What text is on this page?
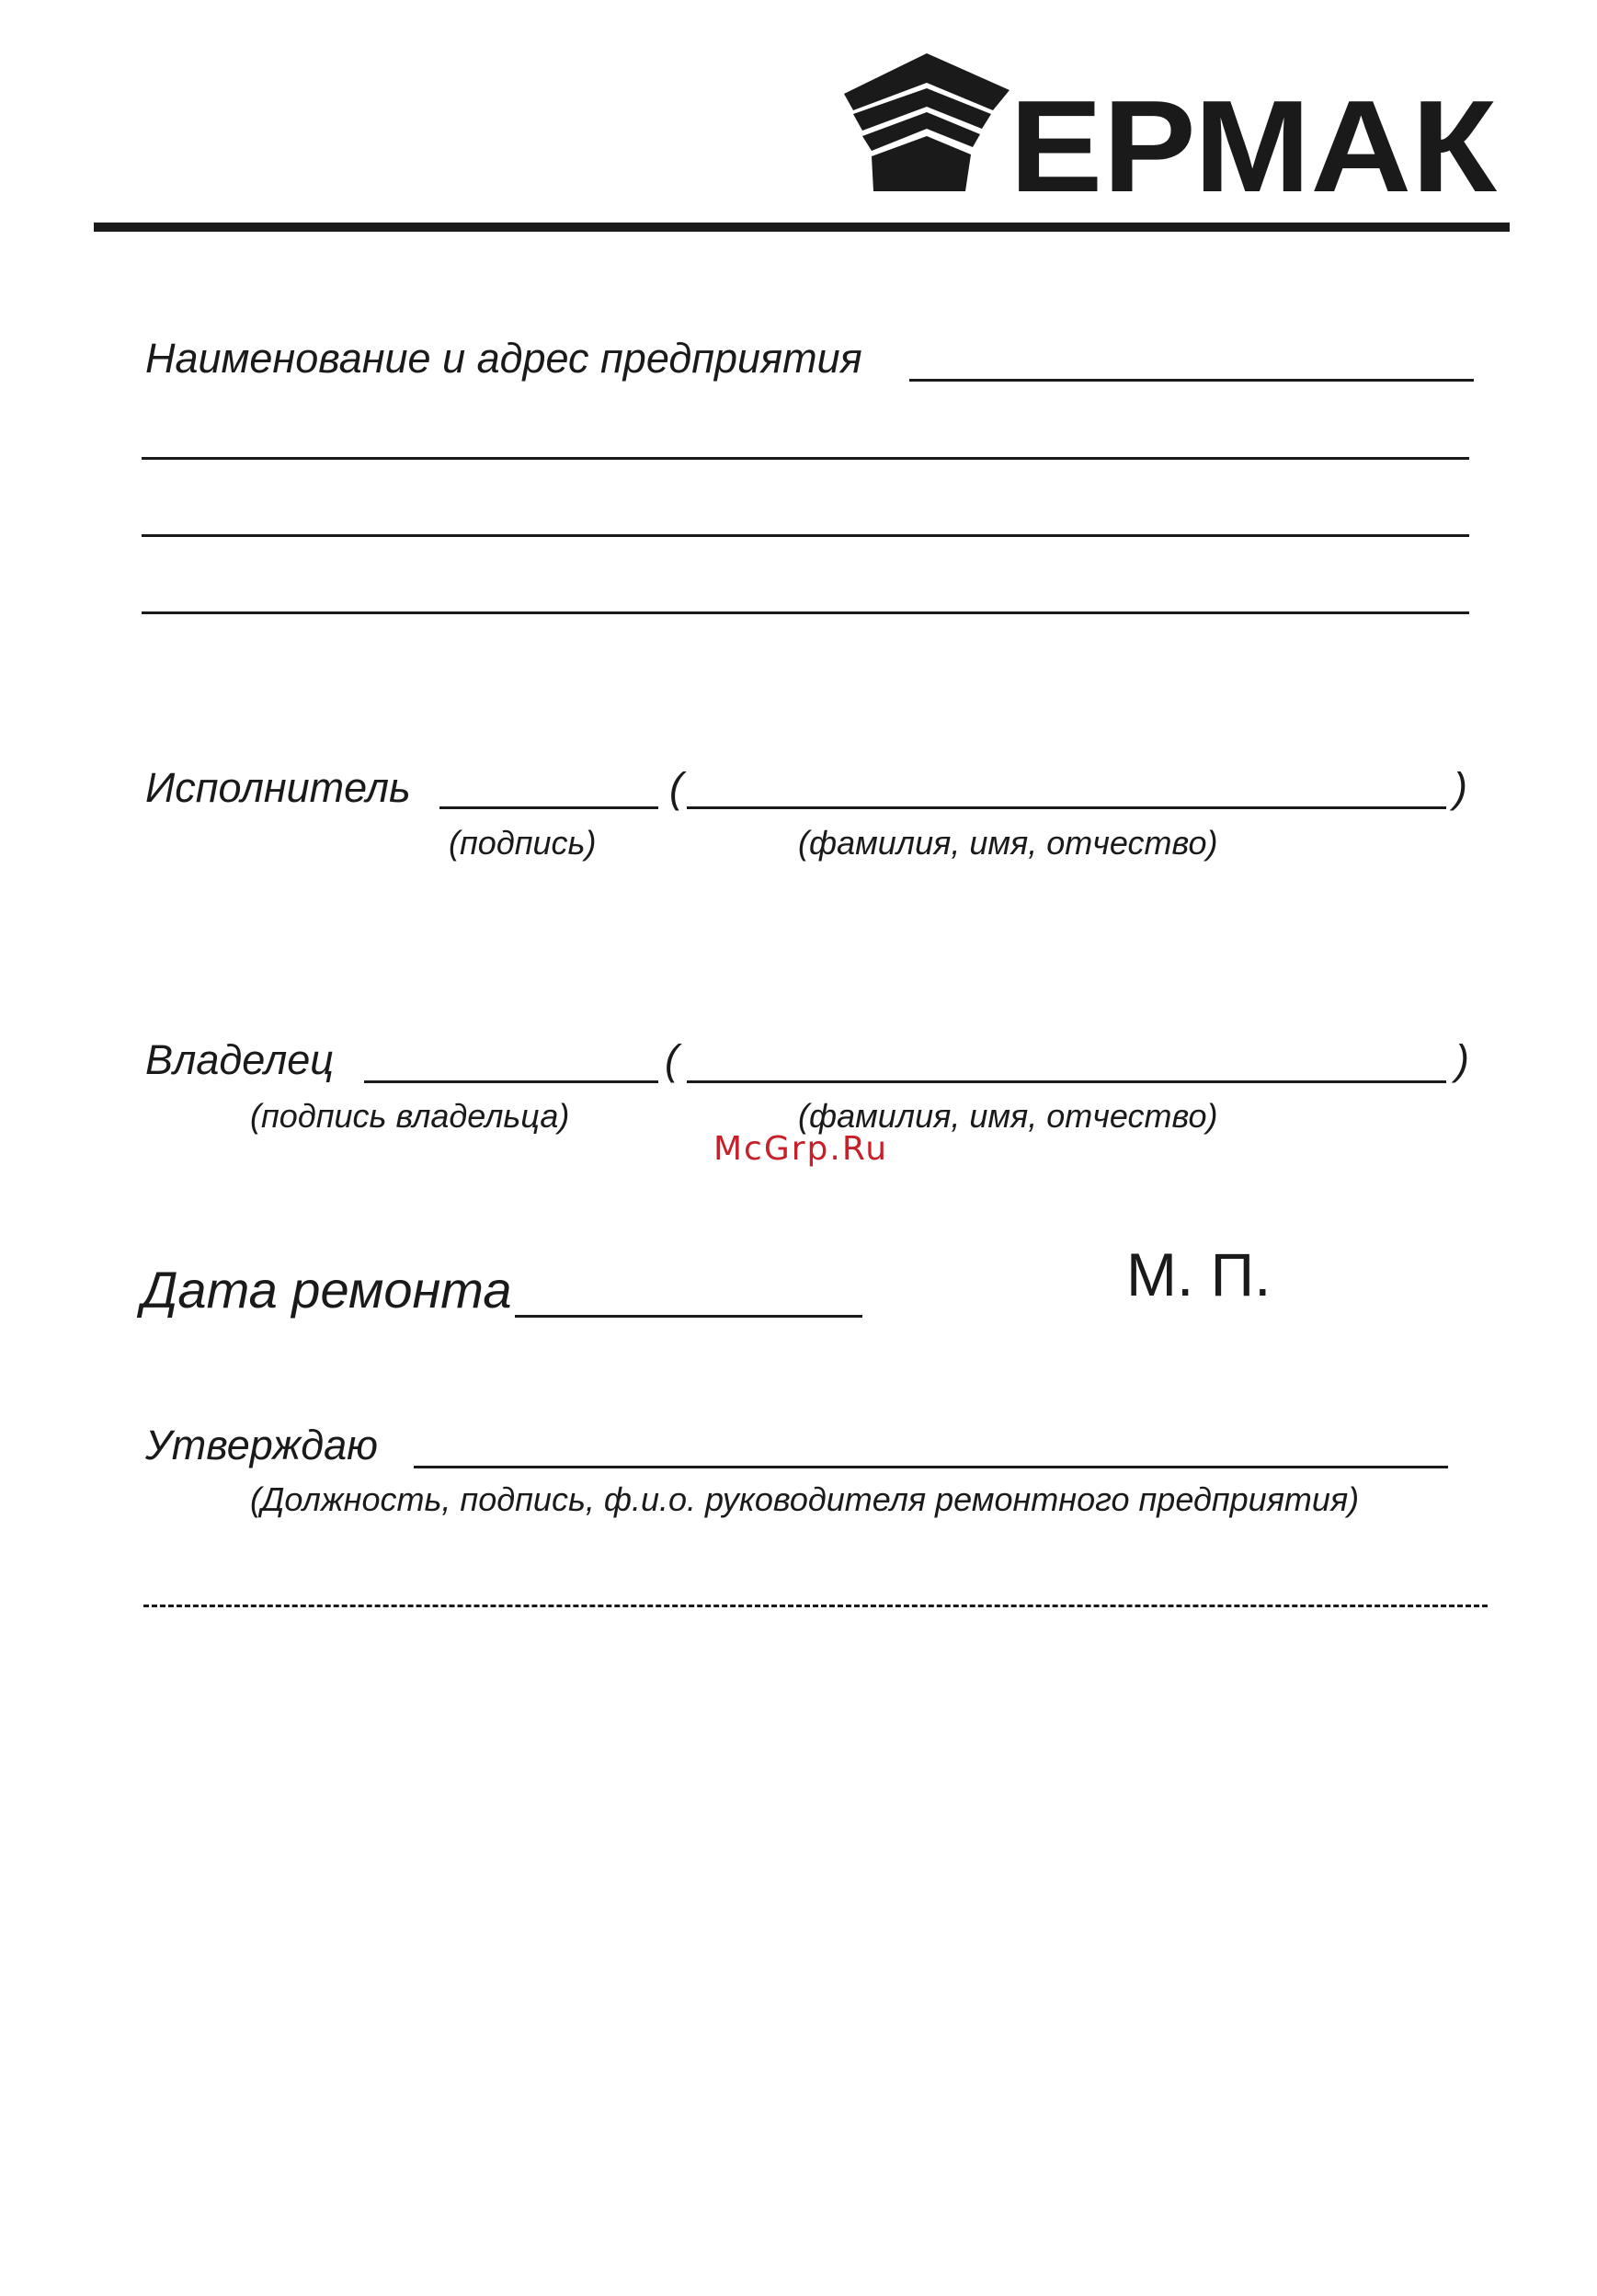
ЕРМАК
Наименование и адрес предприятия
Исполнитель	(	)
(подпись)	(фамилия, имя, отчество)
Владелец	(	)
(подпись владельца)	(фамилия, имя, отчество)
McGrp.Ru
Дата ремонта	М. П.
Утверждаю
(Должность, подпись, ф.и.о. руководителя ремонтного предприятия)
